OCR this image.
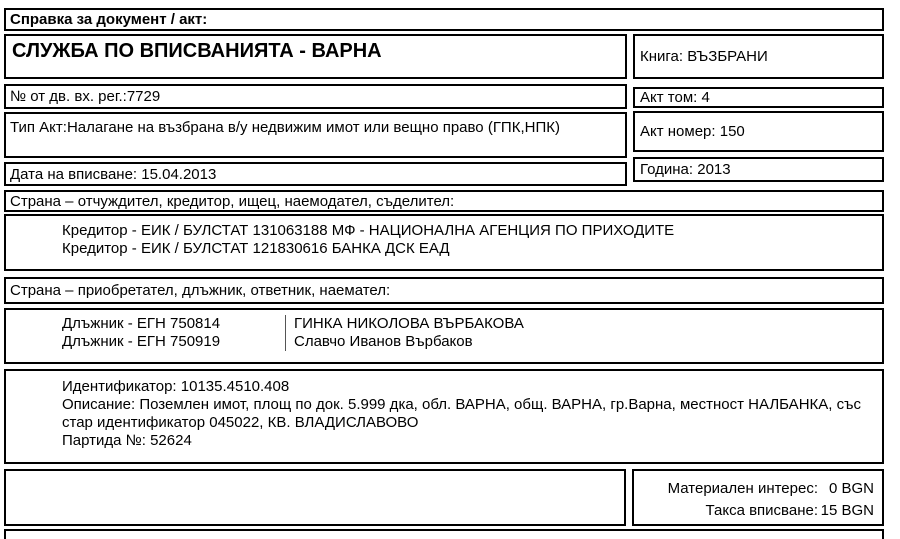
Справка за документ / акт:
СЛУЖБА ПО ВПИСВАНИЯТА - ВАРНА
№ от дв. вх. рег.:7729
Тип Акт:Налагане на възбрана в/у недвижим имот или вещно право (ГПК,НПК)
Дата на вписване: 15.04.2013
Книга: ВЪЗБРАНИ
Акт том: 4
Акт номер: 150
Година: 2013
Страна – отчуждител, кредитор, ищец, наемодател, съделител:
Кредитор - ЕИК / БУЛСТАТ 131063188 МФ - НАЦИОНАЛНА АГЕНЦИЯ ПО ПРИХОДИТЕ
Кредитор - ЕИК / БУЛСТАТ 121830616 БАНКА ДСК ЕАД
Страна – приобретател, длъжник, ответник, наемател:
Длъжник - ЕГН 750814	ГИНКА НИКОЛОВА ВЪРБАКОВА
Длъжник - ЕГН 750919	Славчо Иванов Върбаков
Идентификатор: 10135.4510.408
Описание: Поземлен имот, площ по док. 5.999 дка, обл. ВАРНА, общ. ВАРНА, гр.Варна, местност НАЛБАНКА, със стар идентификатор 045022, КВ. ВЛАДИСЛАВОВО
Партида №: 52624
Материален интерес: 0 BGN
Такса вписване: 15 BGN
